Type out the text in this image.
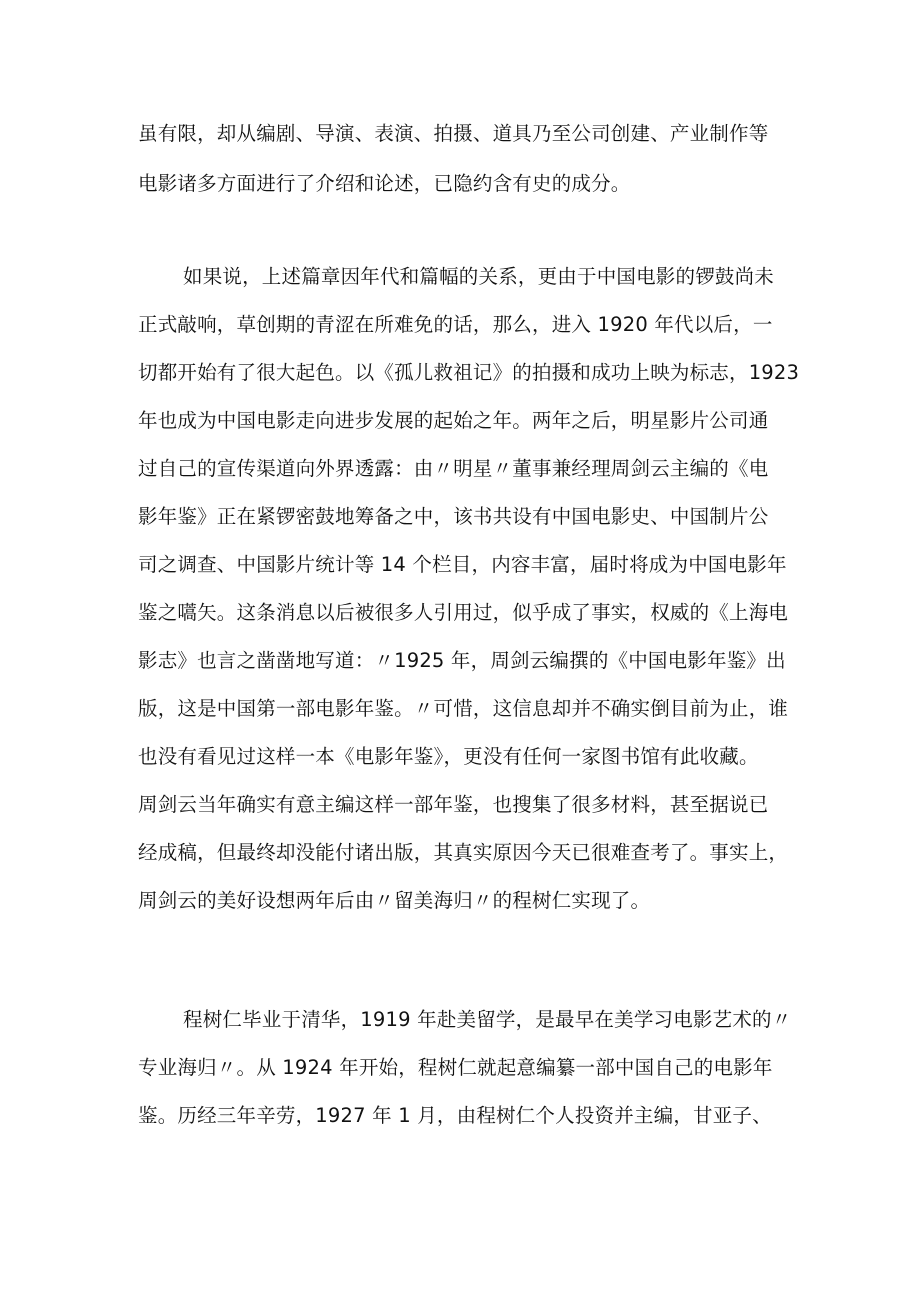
虽有限，却从编剧、导演、表演、拍摄、道具乃至公司创建、产业制作等
电影诸多方面进行了介绍和论述，已隐约含有史的成分。
如果说，上述篇章因年代和篇幅的关系，更由于中国电影的锣鼓尚未
正式敲响，草创期的青涩在所难免的话，那么，进入 1920 年代以后，一
切都开始有了很大起色。以《孤儿救祖记》的拍摄和成功上映为标志，1923
年也成为中国电影走向进步发展的起始之年。两年之后，明星影片公司通
过自己的宣传渠道向外界透露：由〃明星〃董事兼经理周剑云主编的《电
影年鉴》正在紧锣密鼓地筹备之中，该书共设有中国电影史、中国制片公
司之调查、中国影片统计等 14 个栏目，内容丰富，届时将成为中国电影年
鉴之嚆矢。这条消息以后被很多人引用过，似乎成了事实，权威的《上海电
影志》也言之凿凿地写道：〃1925 年，周剑云编撰的《中国电影年鉴》出
版，这是中国第一部电影年鉴。〃可惜，这信息却并不确实倒目前为止，谁
也没有看见过这样一本《电影年鉴》，更没有任何一家图书馆有此收藏。
周剑云当年确实有意主编这样一部年鉴，也搜集了很多材料，甚至据说已
经成稿，但最终却没能付诸出版，其真实原因今天已很难查考了。事实上，
周剑云的美好设想两年后由〃留美海归〃的程树仁实现了。
程树仁毕业于清华，1919 年赴美留学，是最早在美学习电影艺术的〃
专业海归〃。从 1924 年开始，程树仁就起意编纂一部中国自己的电影年
鉴。历经三年辛劳，1927 年 1 月，由程树仁个人投资并主编，甘亚子、
